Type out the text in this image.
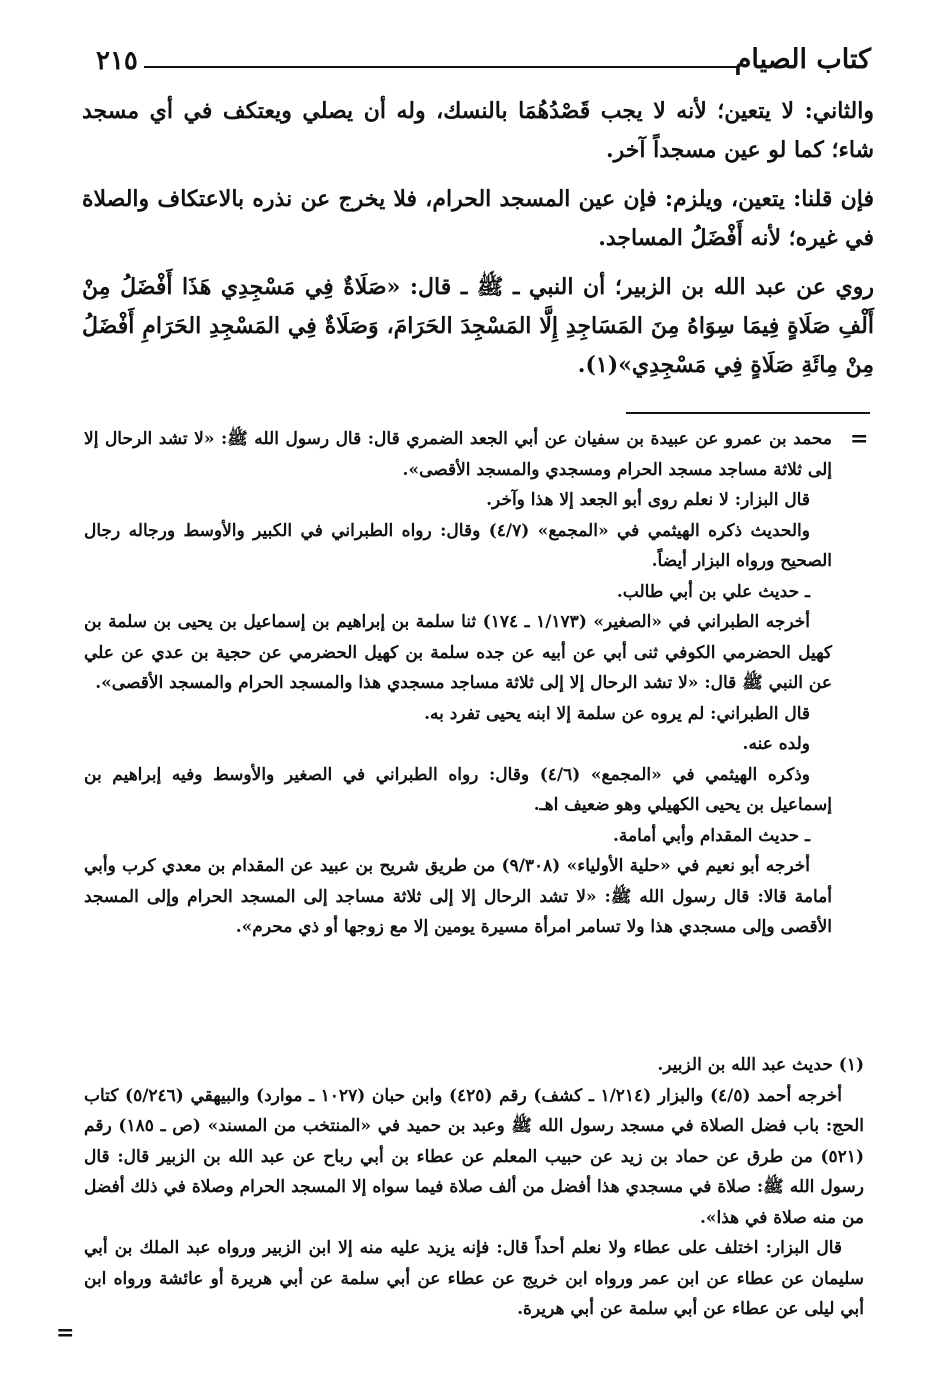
كتاب الصيام
٢١٥

والثاني: لا يتعين؛ لأنه لا يجب قَصْدُهُمَا بالنسك، وله أن يصلي ويعتكف في أي مسجد شاء؛ كما لو عين مسجداً آخر.

فإن قلنا: يتعين، ويلزم: فإن عين المسجد الحرام، فلا يخرج عن نذره بالاعتكاف والصلاة في غيره؛ لأنه أَفْضَلُ المساجد.

روي عن عبد الله بن الزبير؛ أن النبي ـ ﷺ ـ قال: «صَلَاةٌ فِي مَسْجِدِي هَذَا أَفْضَلُ مِنْ أَلْفِ صَلَاةٍ فِيمَا سِوَاهُ مِنَ المَسَاجِدِ إِلَّا المَسْجِدَ الحَرَامَ، وَصَلَاةٌ فِي المَسْجِدِ الحَرَامِ أَفْضَلُ مِنْ مِائَةِ صَلَاةٍ فِي مَسْجِدِي»(١).

=

محمد بن عمرو عن عبيدة بن سفيان عن أبي الجعد الضمري قال: قال رسول الله ﷺ: «لا تشد الرحال إلا إلى ثلاثة مساجد مسجد الحرام ومسجدي والمسجد الأقصى».

قال البزار: لا نعلم روى أبو الجعد إلا هذا وآخر.

والحديث ذكره الهيثمي في «المجمع» (٤/٧) وقال: رواه الطبراني في الكبير والأوسط ورجاله رجال الصحيح ورواه البزار أيضاً.

ـ حديث علي بن أبي طالب.

أخرجه الطبراني في «الصغير» (١/١٧٣ ـ ١٧٤) ثنا سلمة بن إبراهيم بن إسماعيل بن يحيى بن سلمة بن كهيل الحضرمي الكوفي ثنى أبي عن أبيه عن جده سلمة بن كهيل الحضرمي عن حجية بن عدي عن علي عن النبي ﷺ قال: «لا تشد الرحال إلا إلى ثلاثة مساجد مسجدي هذا والمسجد الحرام والمسجد الأقصى».

قال الطبراني: لم يروه عن سلمة إلا ابنه يحيى تفرد به.

ولده عنه.

وذكره الهيثمي في «المجمع» (٤/٦) وقال: رواه الطبراني في الصغير والأوسط وفيه إبراهيم بن إسماعيل بن يحيى الكهيلي وهو ضعيف اهـ.

ـ حديث المقدام وأبي أمامة.

أخرجه أبو نعيم في «حلية الأولياء» (٩/٣٠٨) من طريق شريح بن عبيد عن المقدام بن معدي كرب وأبي أمامة قالا: قال رسول الله ﷺ: «لا تشد الرحال إلا إلى ثلاثة مساجد إلى المسجد الحرام وإلى المسجد الأقصى وإلى مسجدي هذا ولا تسامر امرأة مسيرة يومين إلا مع زوجها أو ذي محرم».

(١) حديث عبد الله بن الزبير.

أخرجه أحمد (٤/٥) والبزار (١/٢١٤ ـ كشف) رقم (٤٢٥) وابن حبان (١٠٢٧ ـ موارد) والبيهقي (٥/٢٤٦) كتاب الحج: باب فضل الصلاة في مسجد رسول الله ﷺ وعبد بن حميد في «المنتخب من المسند» (ص ـ ١٨٥) رقم (٥٢١) من طرق عن حماد بن زيد عن حبيب المعلم عن عطاء بن أبي رباح عن عبد الله بن الزبير قال: قال رسول الله ﷺ: صلاة في مسجدي هذا أفضل من ألف صلاة فيما سواه إلا المسجد الحرام وصلاة في ذلك أفضل من منه صلاة في هذا».

قال البزار: اختلف على عطاء ولا نعلم أحداً قال: فإنه يزيد عليه منه إلا ابن الزبير ورواه عبد الملك بن أبي سليمان عن عطاء عن ابن عمر ورواه ابن خريج عن عطاء عن أبي سلمة عن أبي هريرة أو عائشة ورواه ابن أبي ليلى عن عطاء عن أبي سلمة عن أبي هريرة.

=
